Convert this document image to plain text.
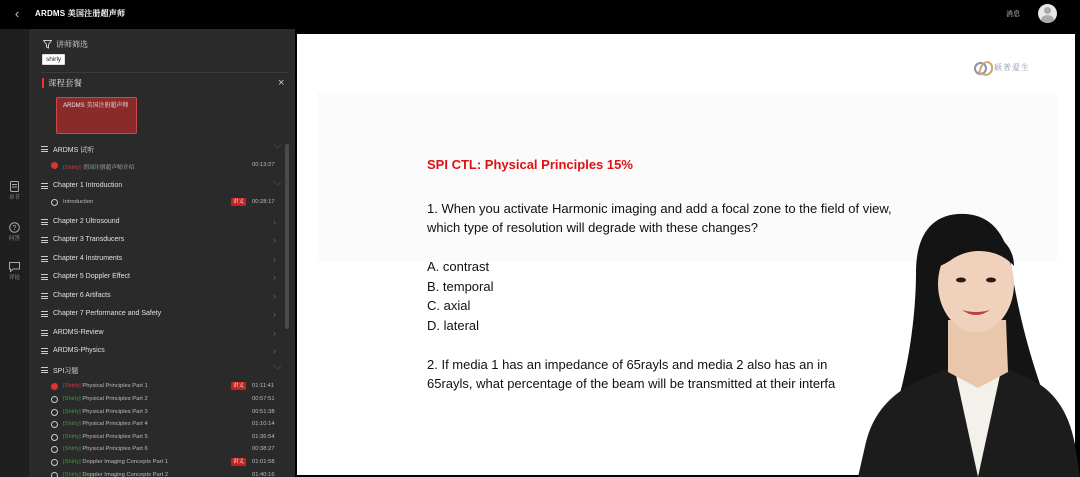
‹	ARDMS 美国注册超声师	消息
章节
?
问答
评论
讲师筛选
shirly
课程套餐	×
ARDMS 美国注册超声师
ARDMS 试听	﹀
[Shirly] 美国注册超声师介绍	00:13:27
Chapter 1 Introduction	﹀
Introduction	讲义	00:28:17
Chapter 2 Ultrosound	›
Chapter 3 Transducers	›
Chapter 4 Instruments	›
Chapter 5 Doppler Effect	›
Chapter 6 Artifacts	›
Chapter 7 Performance and Safety	›
ARDMS-Review	›
ARDMS-Physics	›
SPI习题	﹀
[Shirly] Physical Principles Part 1	讲义	01:11:41
[Shirly] Physical Principles Part 2	00:57:51
[Shirly] Physical Principles Part 3	00:51:38
[Shirly] Physical Principles Part 4	01:10:14
[Shirly] Physical Principles Part 5	01:36:54
[Shirly] Physical Principles Part 6	00:38:27
[Shirly] Doppler Imaging Concepts Part 1	讲义	01:01:58
[Shirly] Doppler Imaging Concepts Part 2	01:40:16
硕普爱生
SPI CTL: Physical Principles 15%
1. When you activate Harmonic imaging and add a focal zone to the field of view,
which type of resolution will degrade with these changes?
A. contrast
B. temporal
C. axial
D. lateral
2. If media 1 has an impedance of 65rayls and media 2 also has an in
65rayls, what percentage of the beam will be transmitted at their interfa
